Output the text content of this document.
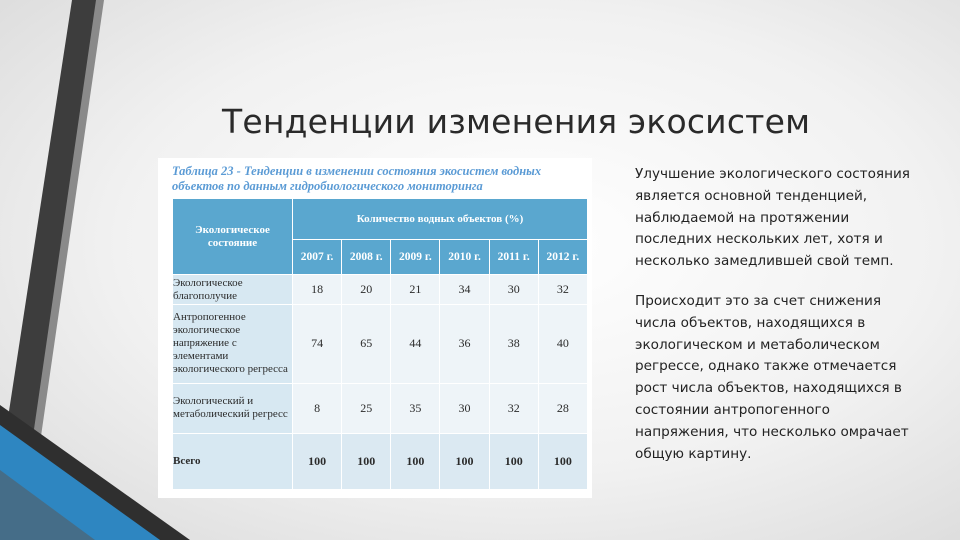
Тенденции изменения экосистем
Таблица 23 - Тенденции в изменении состояния экосистем водных объектов по данным гидробиологического мониторинга
Экологическое состояние	Количество водных объектов (%)					
	2007 г.	2008 г.	2009 г.	2010 г.	2011 г.	2012 г.
Экологическое благополучие	18	20	21	34	30	32
Антропогенное экологическое напряжение с элементами экологического регресса	74	65	44	36	38	40
Экологический и метаболический регресс	8	25	35	30	32	28
Всего	100	100	100	100	100	100

Улучшение экологического состояния является основной тенденцией, наблюдаемой на протяжении последних нескольких лет, хотя и несколько замедлившей свой темп.

Происходит это за счет снижения числа объектов, находящихся в экологическом и метаболическом регрессе, однако также отмечается рост числа объектов, находящихся в состоянии антропогенного напряжения, что несколько омрачает общую картину.
